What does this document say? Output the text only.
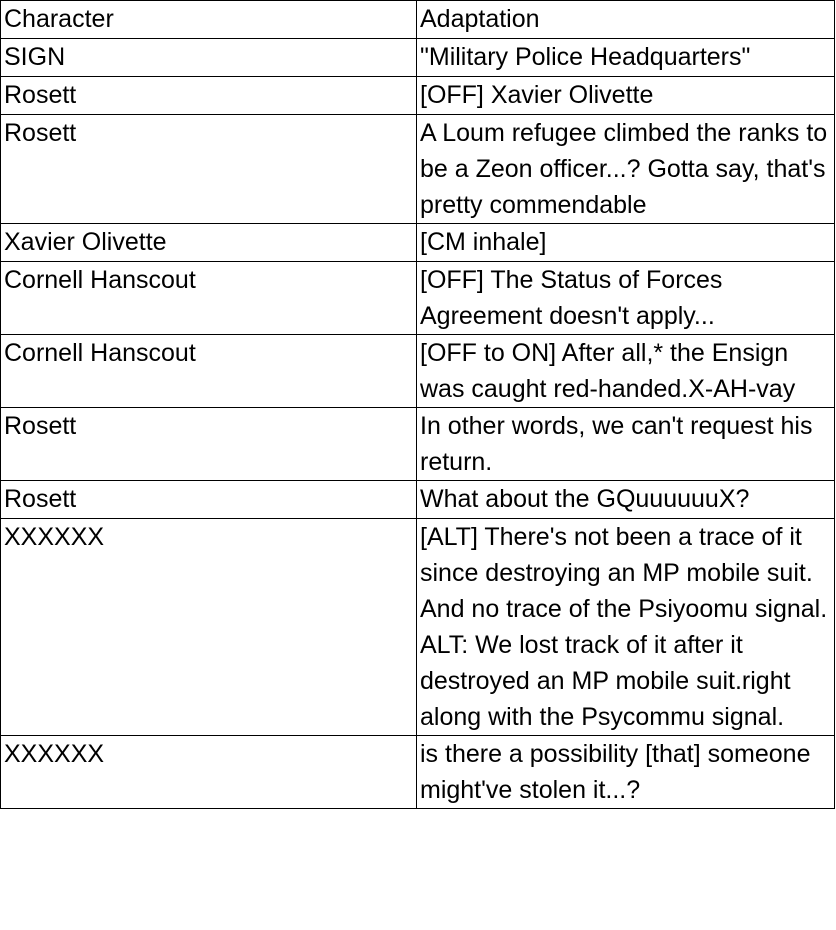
Character	Adaptation
SIGN	"Military Police Headquarters"
Rosett	[OFF] Xavier Olivette
Rosett	A Loum refugee climbed the ranks to be a Zeon officer...? Gotta say, that's pretty commendable
Xavier Olivette	[CM inhale]
Cornell Hanscout	[OFF] The Status of Forces Agreement doesn't apply...
Cornell Hanscout	[OFF to ON] After all,* the Ensign was caught red-handed.X-AH-vay
Rosett	In other words, we can't request his return.
Rosett	What about the GQuuuuuuX?
XXXXXX	[ALT] There's not been a trace of it since destroying an MP mobile suit. And no trace of the Psiyoomu signal. ALT: We lost track of it after it destroyed an MP mobile suit.right along with the Psycommu signal.
XXXXXX	is there a possibility [that] someone might've stolen it...?
